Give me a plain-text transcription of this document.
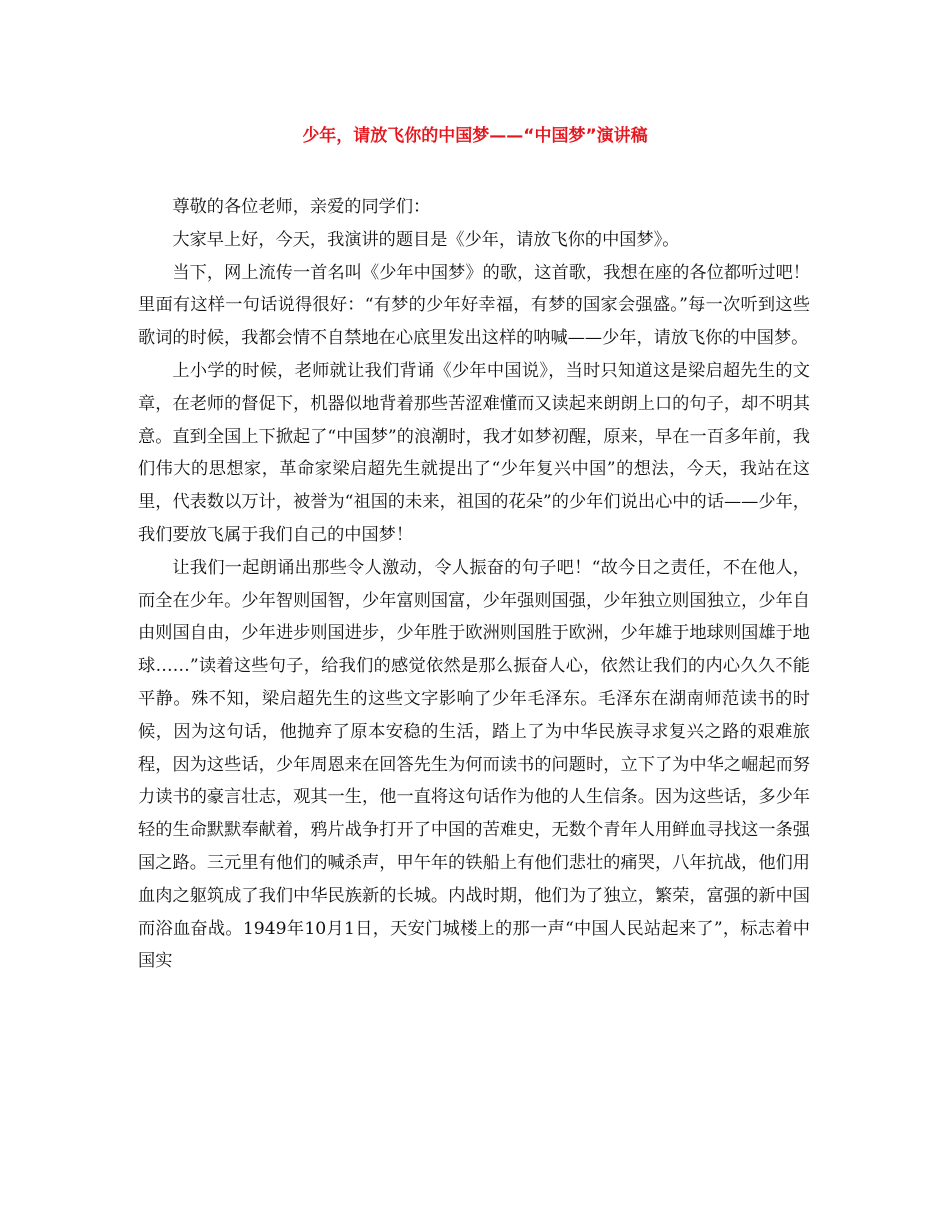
少年，请放飞你的中国梦——“中国梦”演讲稿

尊敬的各位老师，亲爱的同学们：

大家早上好，今天，我演讲的题目是《少年，请放飞你的中国梦》。

当下，网上流传一首名叫《少年中国梦》的歌，这首歌，我想在座的各位都听过吧！里面有这样一句话说得很好：“有梦的少年好幸福，有梦的国家会强盛。”每一次听到这些歌词的时候，我都会情不自禁地在心底里发出这样的呐喊——少年，请放飞你的中国梦。

上小学的时候，老师就让我们背诵《少年中国说》，当时只知道这是梁启超先生的文章，在老师的督促下，机器似地背着那些苦涩难懂而又读起来朗朗上口的句子，却不明其意。直到全国上下掀起了“中国梦”的浪潮时，我才如梦初醒，原来，早在一百多年前，我们伟大的思想家，革命家梁启超先生就提出了“少年复兴中国”的想法，今天，我站在这里，代表数以万计，被誉为“祖国的未来，祖国的花朵”的少年们说出心中的话——少年，我们要放飞属于我们自己的中国梦！

让我们一起朗诵出那些令人激动，令人振奋的句子吧！“故今日之责任，不在他人，而全在少年。少年智则国智，少年富则国富，少年强则国强，少年独立则国独立，少年自由则国自由，少年进步则国进步，少年胜于欧洲则国胜于欧洲，少年雄于地球则国雄于地球……”读着这些句子，给我们的感觉依然是那么振奋人心，依然让我们的内心久久不能平静。殊不知，梁启超先生的这些文字影响了少年毛泽东。毛泽东在湖南师范读书的时候，因为这句话，他抛弃了原本安稳的生活，踏上了为中华民族寻求复兴之路的艰难旅程，因为这些话，少年周恩来在回答先生为何而读书的问题时，立下了为中华之崛起而努力读书的豪言壮志，观其一生，他一直将这句话作为他的人生信条。因为这些话，多少年轻的生命默默奉献着，鸦片战争打开了中国的苦难史，无数个青年人用鲜血寻找这一条强国之路。三元里有他们的喊杀声，甲午年的铁船上有他们悲壮的痛哭，八年抗战，他们用血肉之躯筑成了我们中华民族新的长城。内战时期，他们为了独立，繁荣，富强的新中国而浴血奋战。1949年10月1日，天安门城楼上的那一声“中国人民站起来了”，标志着中国实
